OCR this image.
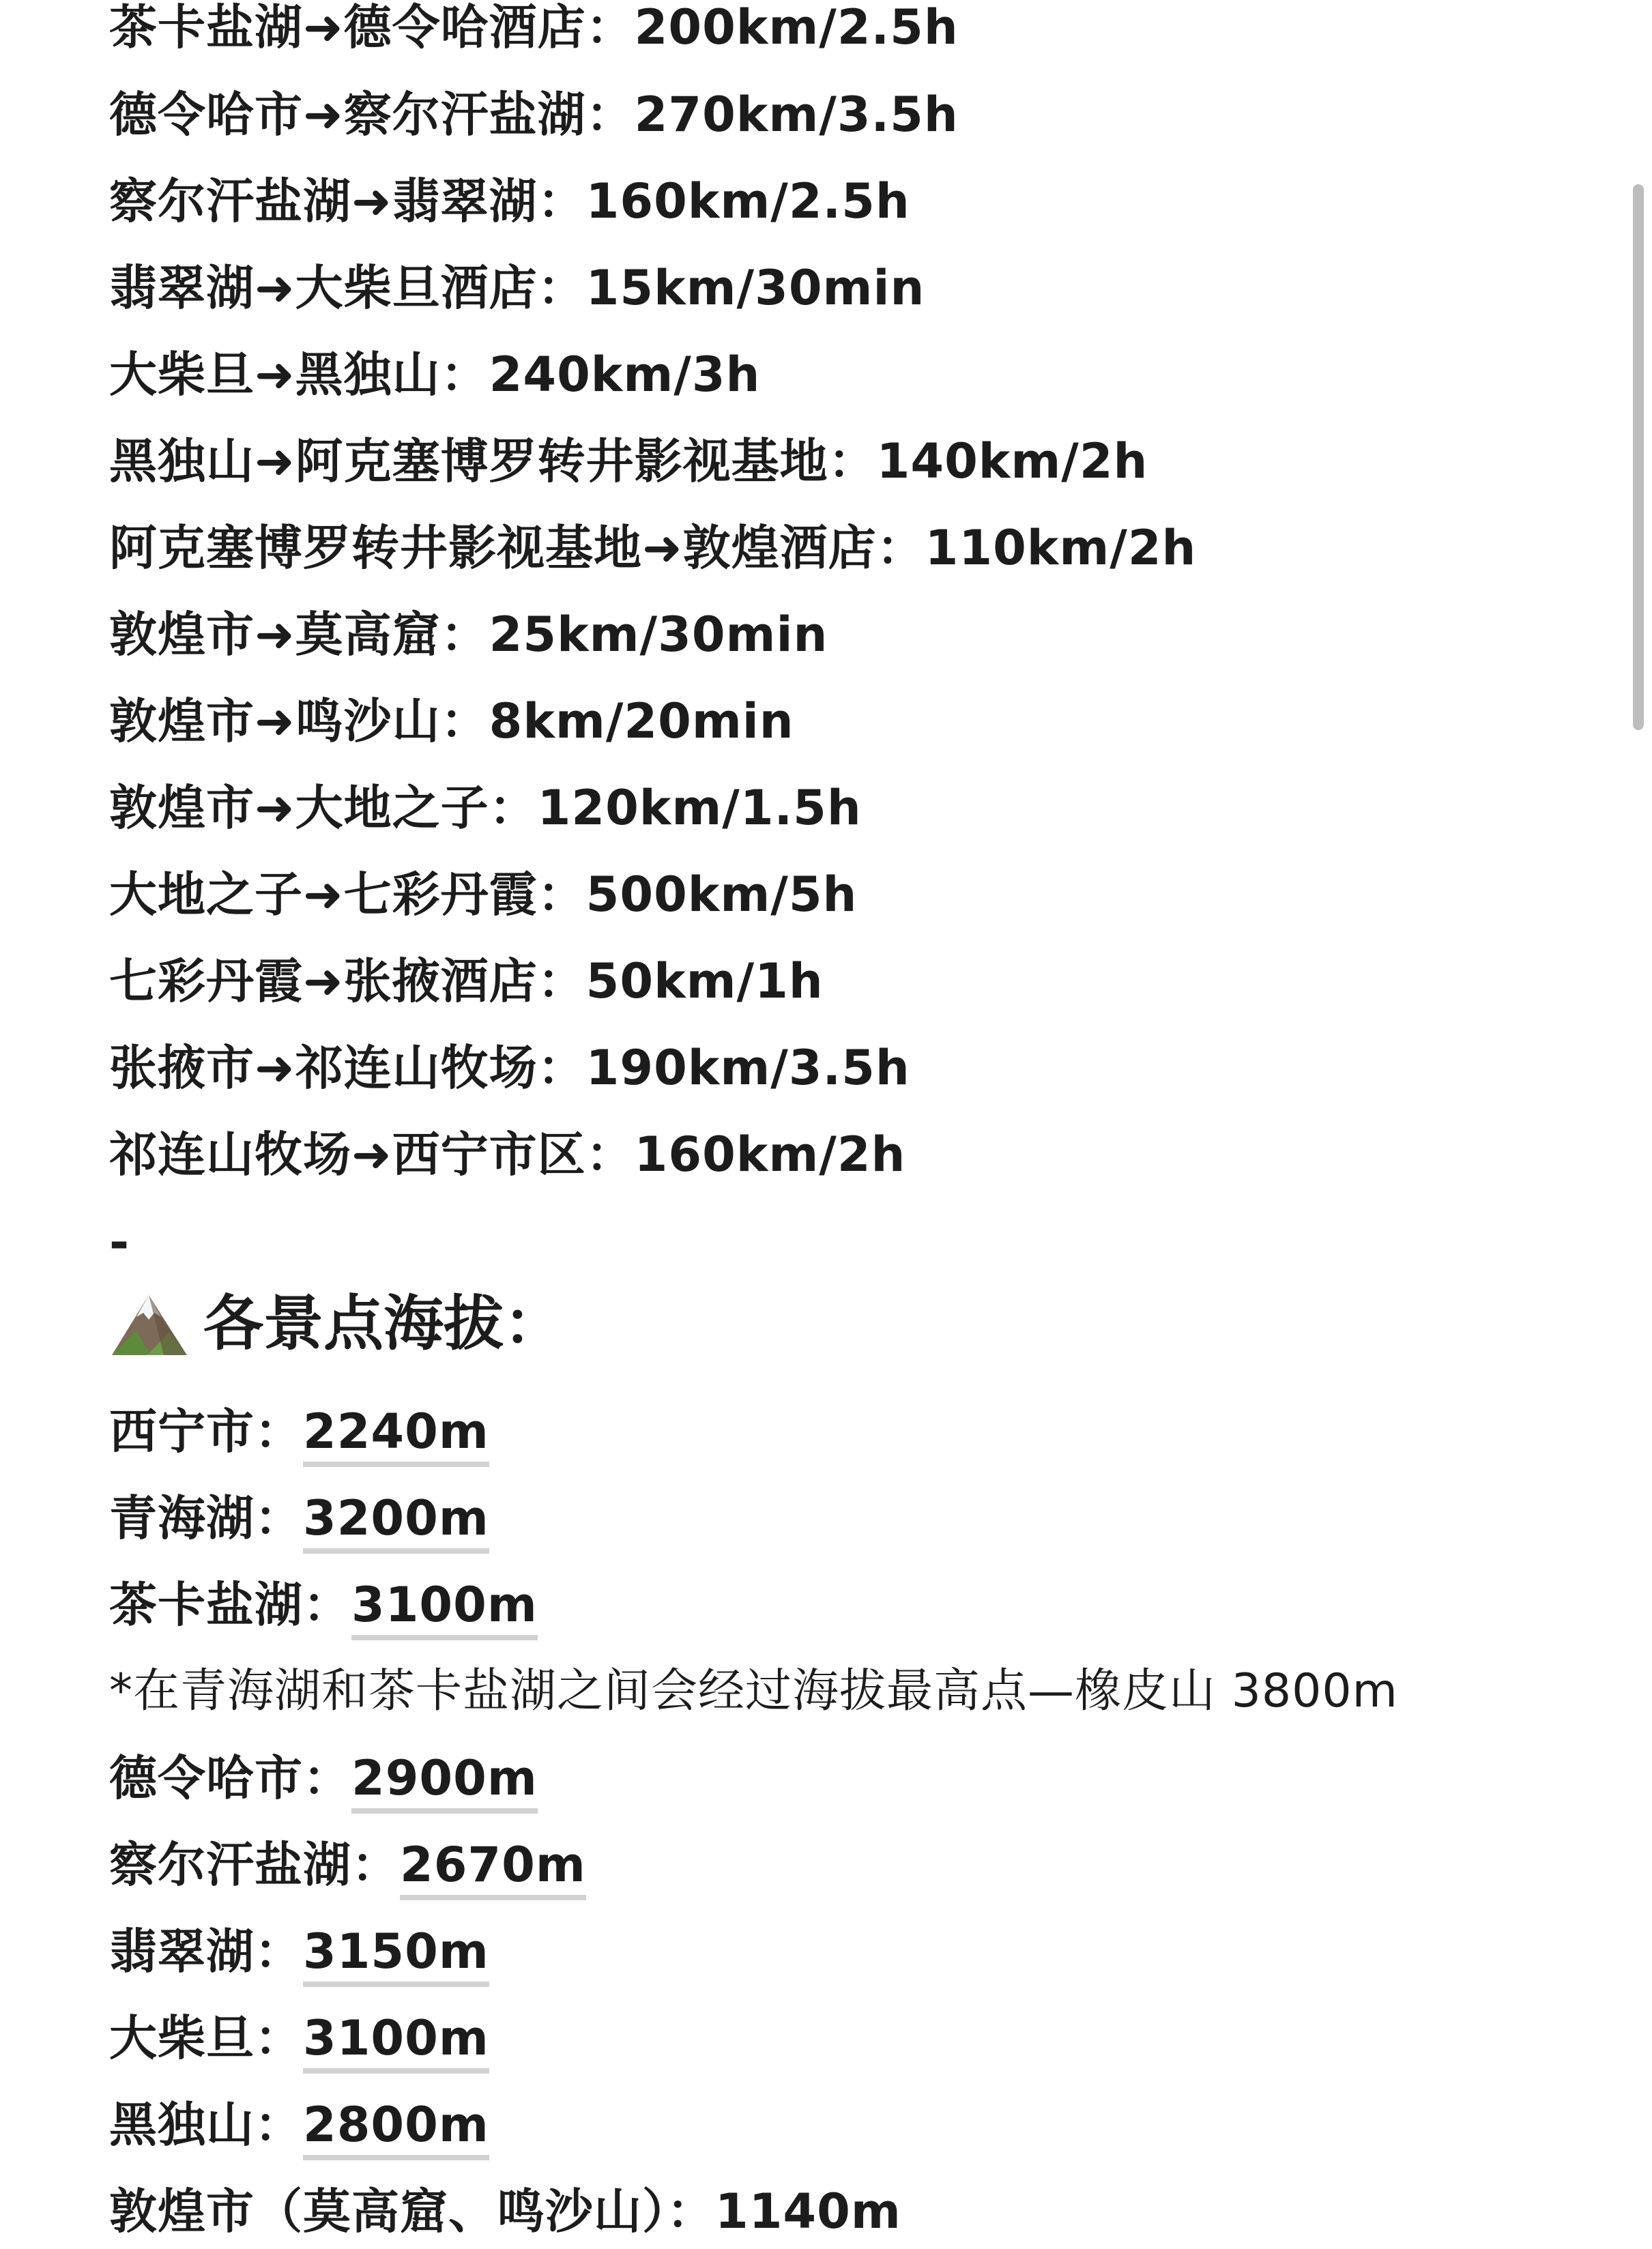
茶卡盐湖➜德令哈酒店：200km/2.5h
德令哈市➜察尔汗盐湖：270km/3.5h
察尔汗盐湖➜翡翠湖：160km/2.5h
翡翠湖➜大柴旦酒店：15km/30min
大柴旦➜黑独山：240km/3h
黑独山➜阿克塞博罗转井影视基地：140km/2h
阿克塞博罗转井影视基地➜敦煌酒店：110km/2h
敦煌市➜莫高窟：25km/30min
敦煌市➜鸣沙山：8km/20min
敦煌市➜大地之子：120km/1.5h
大地之子➜七彩丹霞：500km/5h
七彩丹霞➜张掖酒店：50km/1h
张掖市➜祁连山牧场：190km/3.5h
祁连山牧场➜西宁市区：160km/2h
-
各景点海拔：
西宁市：2240m
青海湖：3200m
茶卡盐湖：3100m
*在青海湖和茶卡盐湖之间会经过海拔最高点—橡皮山 3800m
德令哈市：2900m
察尔汗盐湖：2670m
翡翠湖：3150m
大柴旦：3100m
黑独山：2800m
敦煌市（莫高窟、鸣沙山）：1140m
